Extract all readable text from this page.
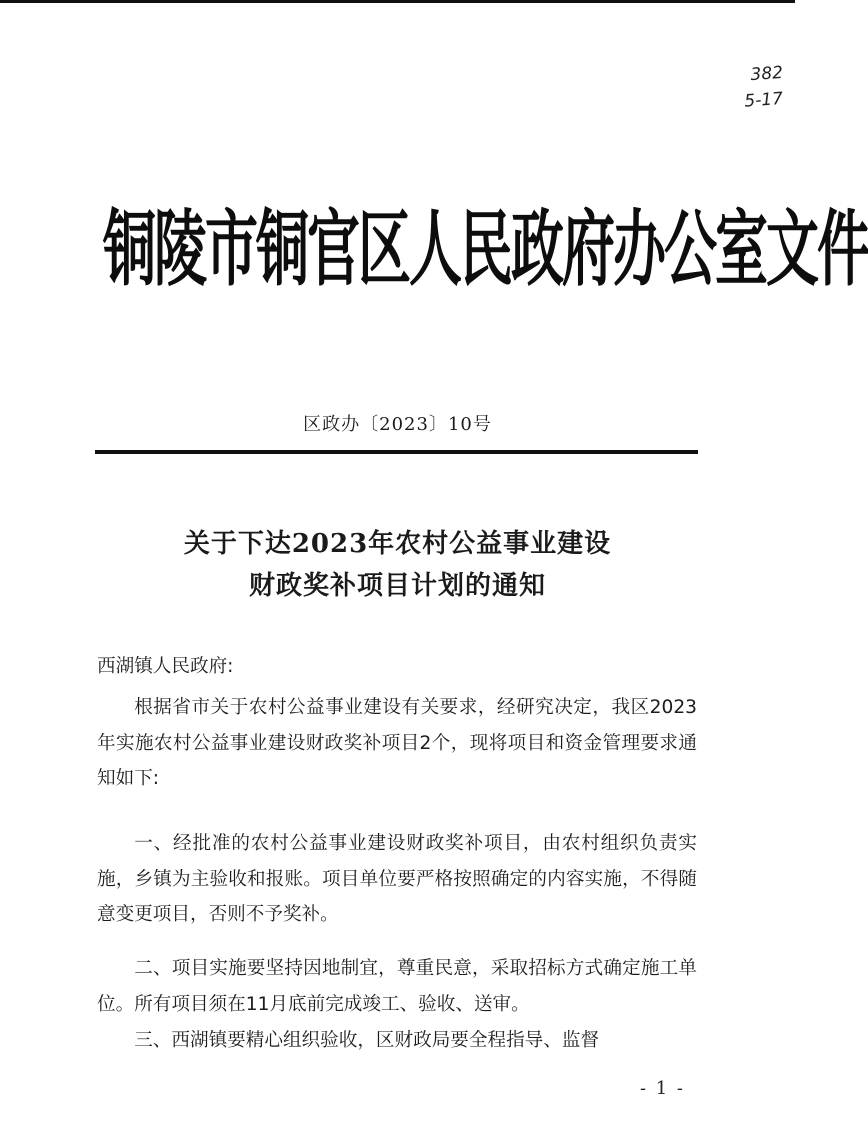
382
5-17
铜陵市铜官区人民政府办公室文件
区政办〔2023〕10号
关于下达2023年农村公益事业建设
财政奖补项目计划的通知
西湖镇人民政府:
根据省市关于农村公益事业建设有关要求，经研究决定，我区2023年实施农村公益事业建设财政奖补项目2个，现将项目和资金管理要求通知如下:
一、经批准的农村公益事业建设财政奖补项目，由农村组织负责实施，乡镇为主验收和报账。项目单位要严格按照确定的内容实施，不得随意变更项目，否则不予奖补。
二、项目实施要坚持因地制宜，尊重民意，采取招标方式确定施工单位。所有项目须在11月底前完成竣工、验收、送审。
三、西湖镇要精心组织验收，区财政局要全程指导、监督
- 1 -
